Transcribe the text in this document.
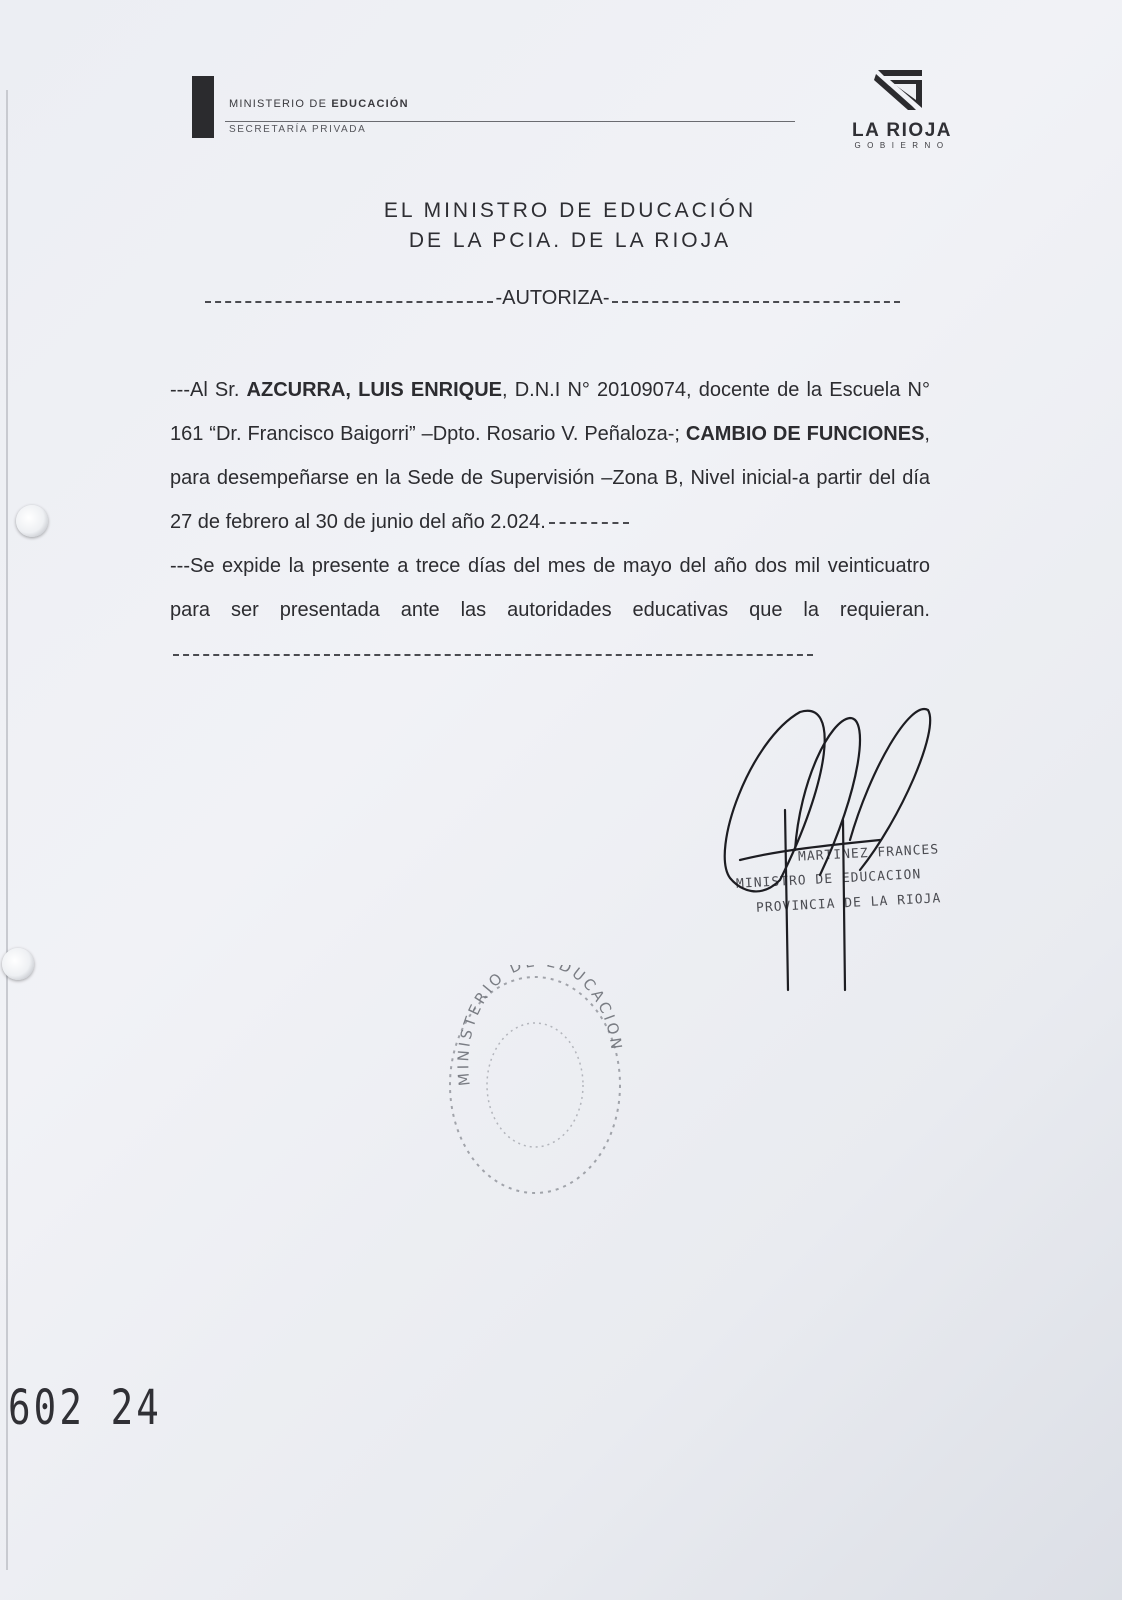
MINISTERIO DE EDUCACIÓN
SECRETARÍA PRIVADA	LA RIOJA
GOBIERNO
EL MINISTRO DE EDUCACIÓN
DE LA PCIA. DE LA RIOJA
-AUTORIZA-
---Al Sr. AZCURRA, LUIS ENRIQUE, D.N.I N° 20109074, docente de la Escuela N° 161 “Dr. Francisco Baigorri” –Dpto. Rosario V. Peñaloza-; CAMBIO DE FUNCIONES, para desempeñarse en la Sede de Supervisión –Zona B, Nivel inicial-a partir del día 27 de febrero al 30 de junio del año 2.024.
---Se expide la presente a trece días del mes de mayo del año dos mil veinticuatro para ser presentada ante las autoridades educativas que la requieran.
MARTINEZ FRANCES
MINISTRO DE EDUCACION
PROVINCIA DE LA RIOJA
MINISTERIO D DUCACION
602 24
